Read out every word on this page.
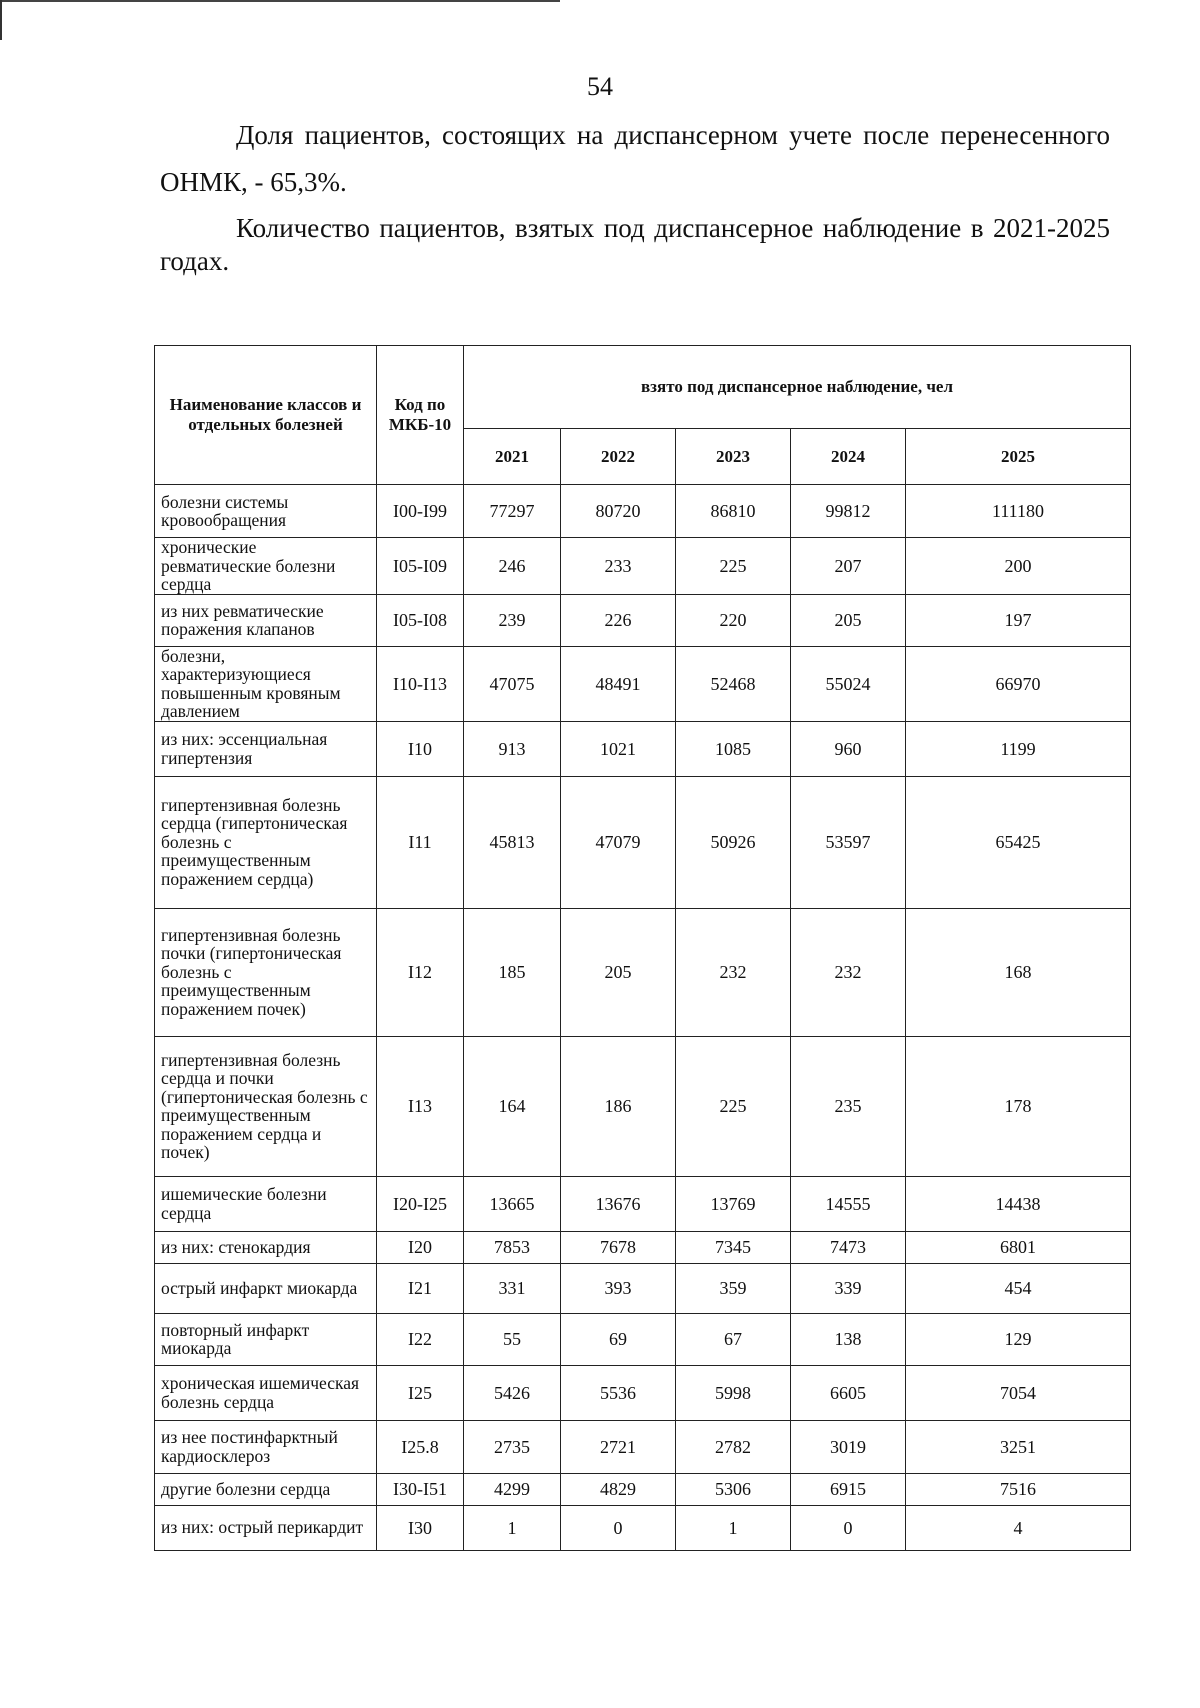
54

Доля пациентов, состоящих на диспансерном учете после перенесенного ОНМК, - 65,3%.

Количество пациентов, взятых под диспансерное наблюдение в 2021-2025 годах.

Наименование классов и отдельных болезней	Код по МКБ-10	взято под диспансерное наблюдение, чел				
		2021	2022	2023	2024	2025
болезни системы кровообращения	I00-I99	77297	80720	86810	99812	111180
хронические ревматические болезни сердца	I05-I09	246	233	225	207	200
из них ревматические поражения клапанов	I05-I08	239	226	220	205	197
болезни, характеризующиеся повышенным кровяным давлением	I10-I13	47075	48491	52468	55024	66970
из них: эссенциальная гипертензия	I10	913	1021	1085	960	1199
гипертензивная болезнь сердца (гипертоническая болезнь с преимущественным поражением сердца)	I11	45813	47079	50926	53597	65425
гипертензивная болезнь почки (гипертоническая болезнь с преимущественным поражением почек)	I12	185	205	232	232	168
гипертензивная болезнь сердца и почки (гипертоническая болезнь с преимущественным поражением сердца и почек)	I13	164	186	225	235	178
ишемические болезни сердца	I20-I25	13665	13676	13769	14555	14438
из них: стенокардия	I20	7853	7678	7345	7473	6801
острый инфаркт миокарда	I21	331	393	359	339	454
повторный инфаркт миокарда	I22	55	69	67	138	129
хроническая ишемическая болезнь сердца	I25	5426	5536	5998	6605	7054
из нее постинфарктный кардиосклероз	I25.8	2735	2721	2782	3019	3251
другие болезни сердца	I30-I51	4299	4829	5306	6915	7516
из них: острый перикардит	I30	1	0	1	0	4
